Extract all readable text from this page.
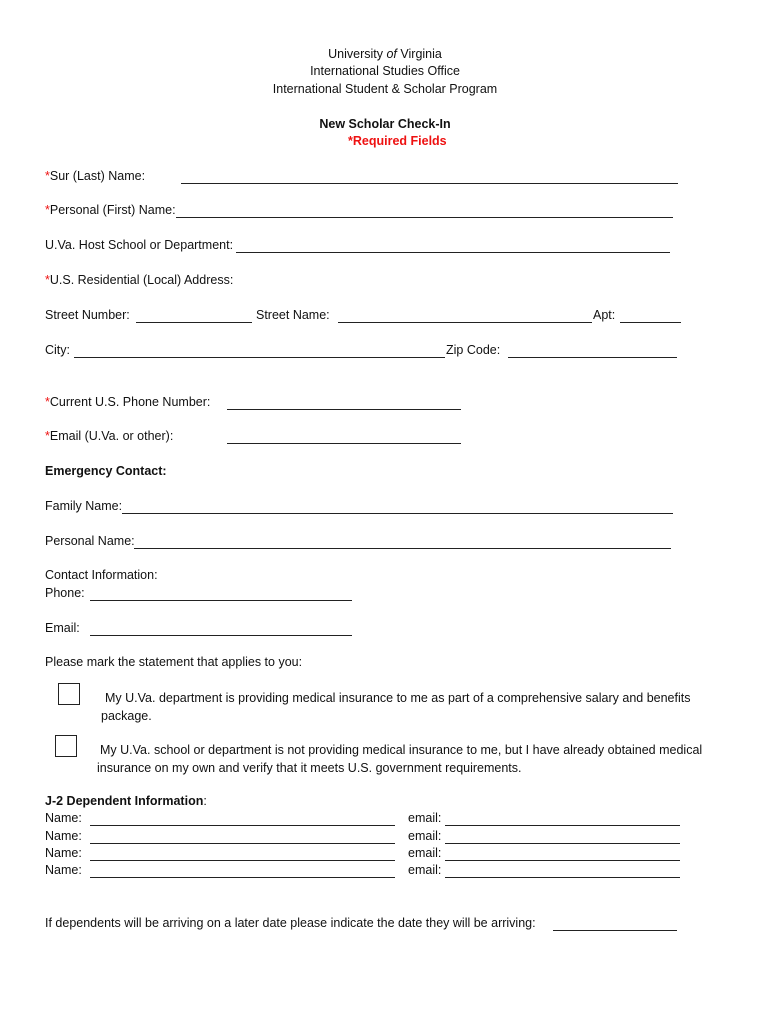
University of Virginia
International Studies Office
International Student & Scholar Program
New Scholar Check-In
*Required Fields
*Sur (Last) Name:
*Personal (First) Name:
U.Va. Host School or Department:
*U.S. Residential (Local) Address:
Street Number:	Street Name:	Apt:
City:	Zip Code:
*Current U.S. Phone Number:
*Email (U.Va. or other):
Emergency Contact:
Family Name:
Personal Name:
Contact Information:
Phone:
Email:
Please mark the statement that applies to you:
My U.Va. department is providing medical insurance to me as part of a comprehensive salary and benefits package.
My U.Va. school or department is not providing medical insurance to me, but I have already obtained medical insurance on my own and verify that it meets U.S. government requirements.
J-2 Dependent Information:
Name:	email:
Name:	email:
Name:	email:
Name:	email:
If dependents will be arriving on a later date please indicate the date they will be arriving:
